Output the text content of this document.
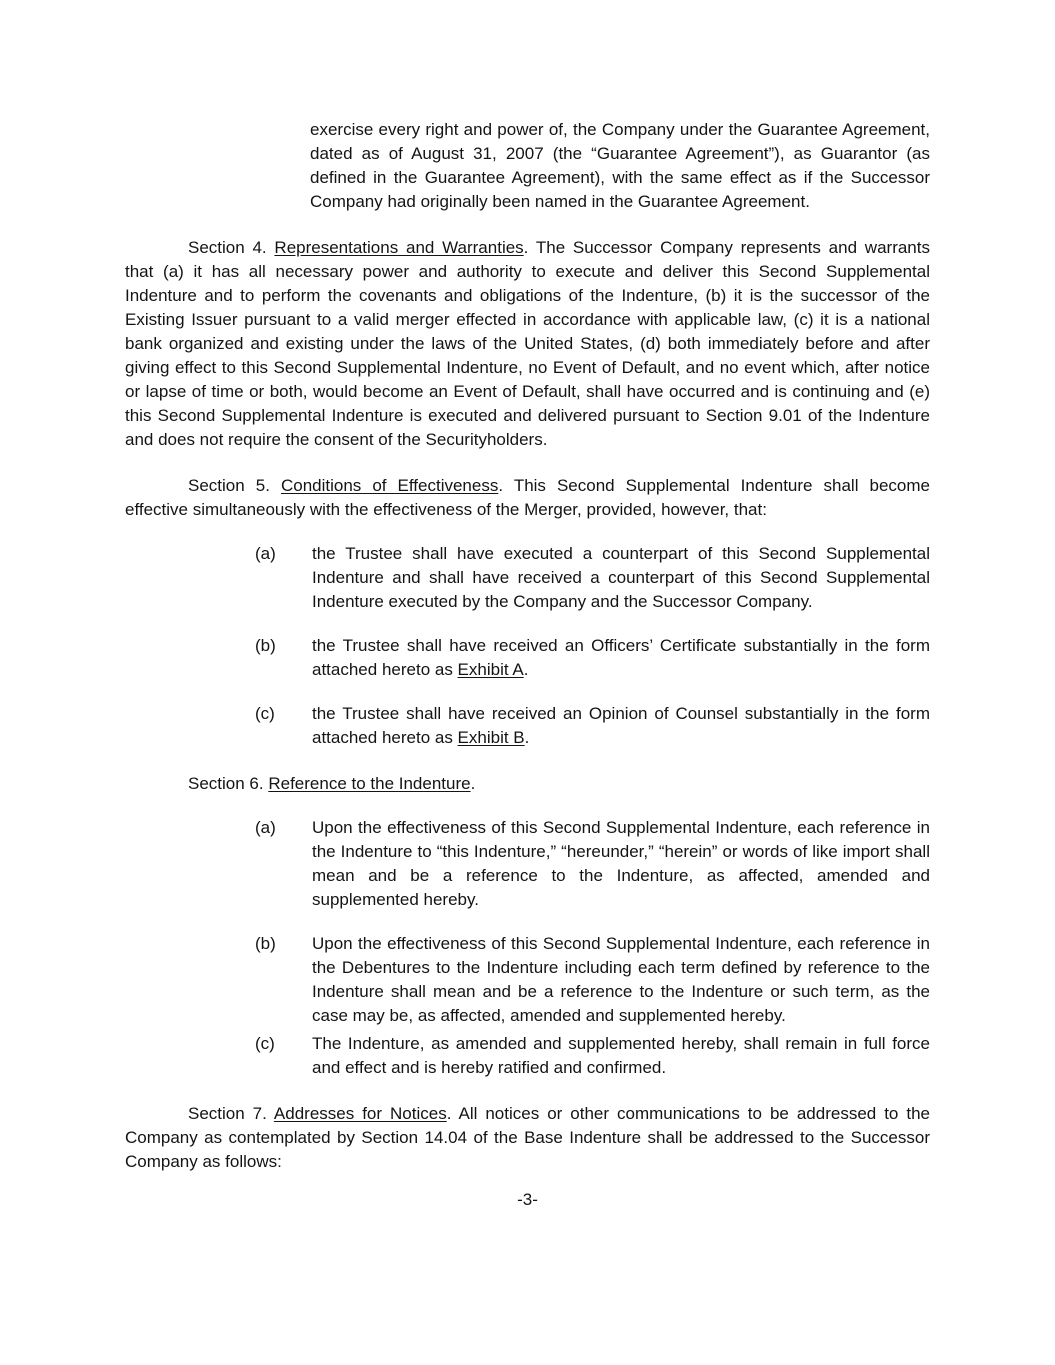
exercise every right and power of, the Company under the Guarantee Agreement, dated as of August 31, 2007 (the “Guarantee Agreement”), as Guarantor (as defined in the Guarantee Agreement), with the same effect as if the Successor Company had originally been named in the Guarantee Agreement.

Section 4. Representations and Warranties. The Successor Company represents and warrants that (a) it has all necessary power and authority to execute and deliver this Second Supplemental Indenture and to perform the covenants and obligations of the Indenture, (b) it is the successor of the Existing Issuer pursuant to a valid merger effected in accordance with applicable law, (c) it is a national bank organized and existing under the laws of the United States, (d) both immediately before and after giving effect to this Second Supplemental Indenture, no Event of Default, and no event which, after notice or lapse of time or both, would become an Event of Default, shall have occurred and is continuing and (e) this Second Supplemental Indenture is executed and delivered pursuant to Section 9.01 of the Indenture and does not require the consent of the Securityholders.

Section 5. Conditions of Effectiveness. This Second Supplemental Indenture shall become effective simultaneously with the effectiveness of the Merger, provided, however, that:

(a) the Trustee shall have executed a counterpart of this Second Supplemental Indenture and shall have received a counterpart of this Second Supplemental Indenture executed by the Company and the Successor Company.
(b) the Trustee shall have received an Officers’ Certificate substantially in the form attached hereto as Exhibit A.
(c) the Trustee shall have received an Opinion of Counsel substantially in the form attached hereto as Exhibit B.

Section 6. Reference to the Indenture.

(a) Upon the effectiveness of this Second Supplemental Indenture, each reference in the Indenture to “this Indenture,” “hereunder,” “herein” or words of like import shall mean and be a reference to the Indenture, as affected, amended and supplemented hereby.
(b) Upon the effectiveness of this Second Supplemental Indenture, each reference in the Debentures to the Indenture including each term defined by reference to the Indenture shall mean and be a reference to the Indenture or such term, as the case may be, as affected, amended and supplemented hereby.
(c) The Indenture, as amended and supplemented hereby, shall remain in full force and effect and is hereby ratified and confirmed.

Section 7. Addresses for Notices. All notices or other communications to be addressed to the Company as contemplated by Section 14.04 of the Base Indenture shall be addressed to the Successor Company as follows:

-3-
